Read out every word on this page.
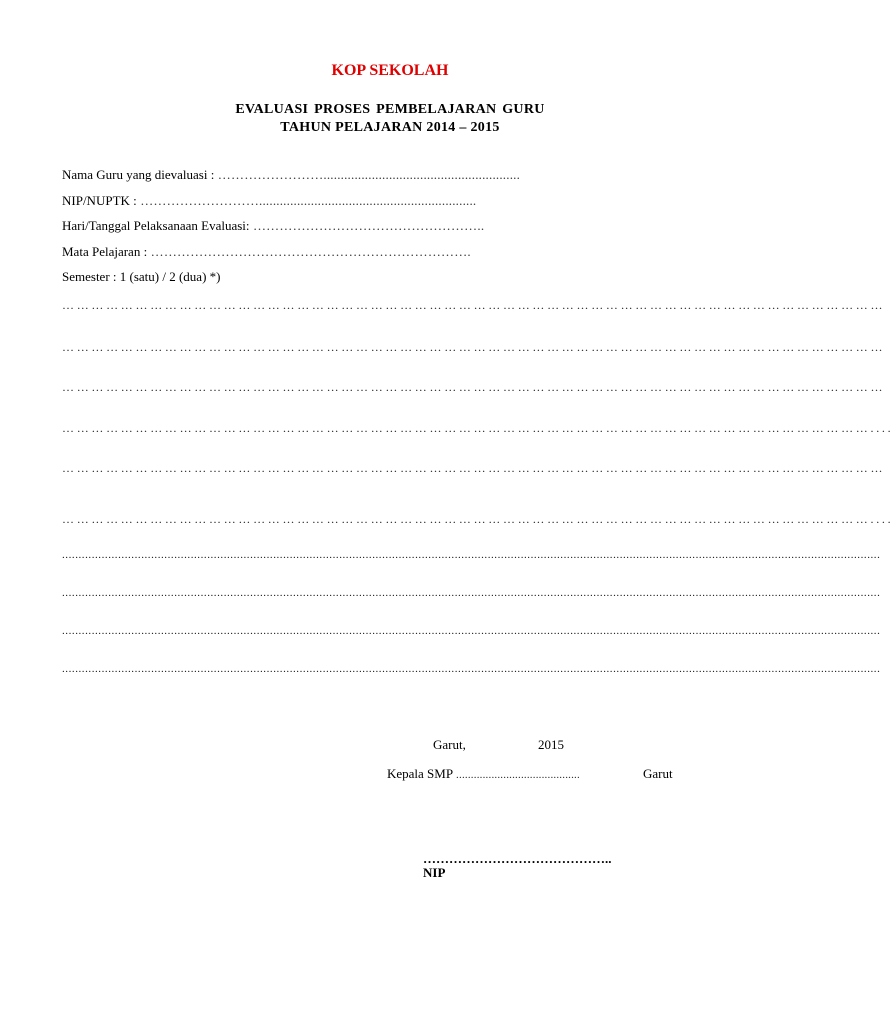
KOP SEKOLAH
EVALUASI PROSES PEMBELAJARAN GURU
TAHUN PELAJARAN 2014 – 2015
Nama Guru yang dievaluasi : …………………….........................................................
NIP/NUPTK : ………………………...............................................................
Hari/Tanggal Pelaksanaan Evaluasi: ……………………………………………..
Mata Pelajaran : ……………………………………………………………….
Semester : 1 (satu) / 2 (dua) *)
……………………………………………………………………………………………………………………………………………………
……………………………………………………………………………………………………………………………………………………
……………………………………………………………………………………………………………………………………………………
…………………………………………………………………………………………………………………………………………………....
……………………………………………………………………………………………………………………………………………………
…………………………………………………………………………………………………………………………………………………....
........................................................................................................................................................................................................................................................
........................................................................................................................................................................................................................................................
........................................................................................................................................................................................................................................................
........................................................................................................................................................................................................................................................
Garut,	2015
Kepala SMP ..........................................	Garut
……………………………………..
NIP
